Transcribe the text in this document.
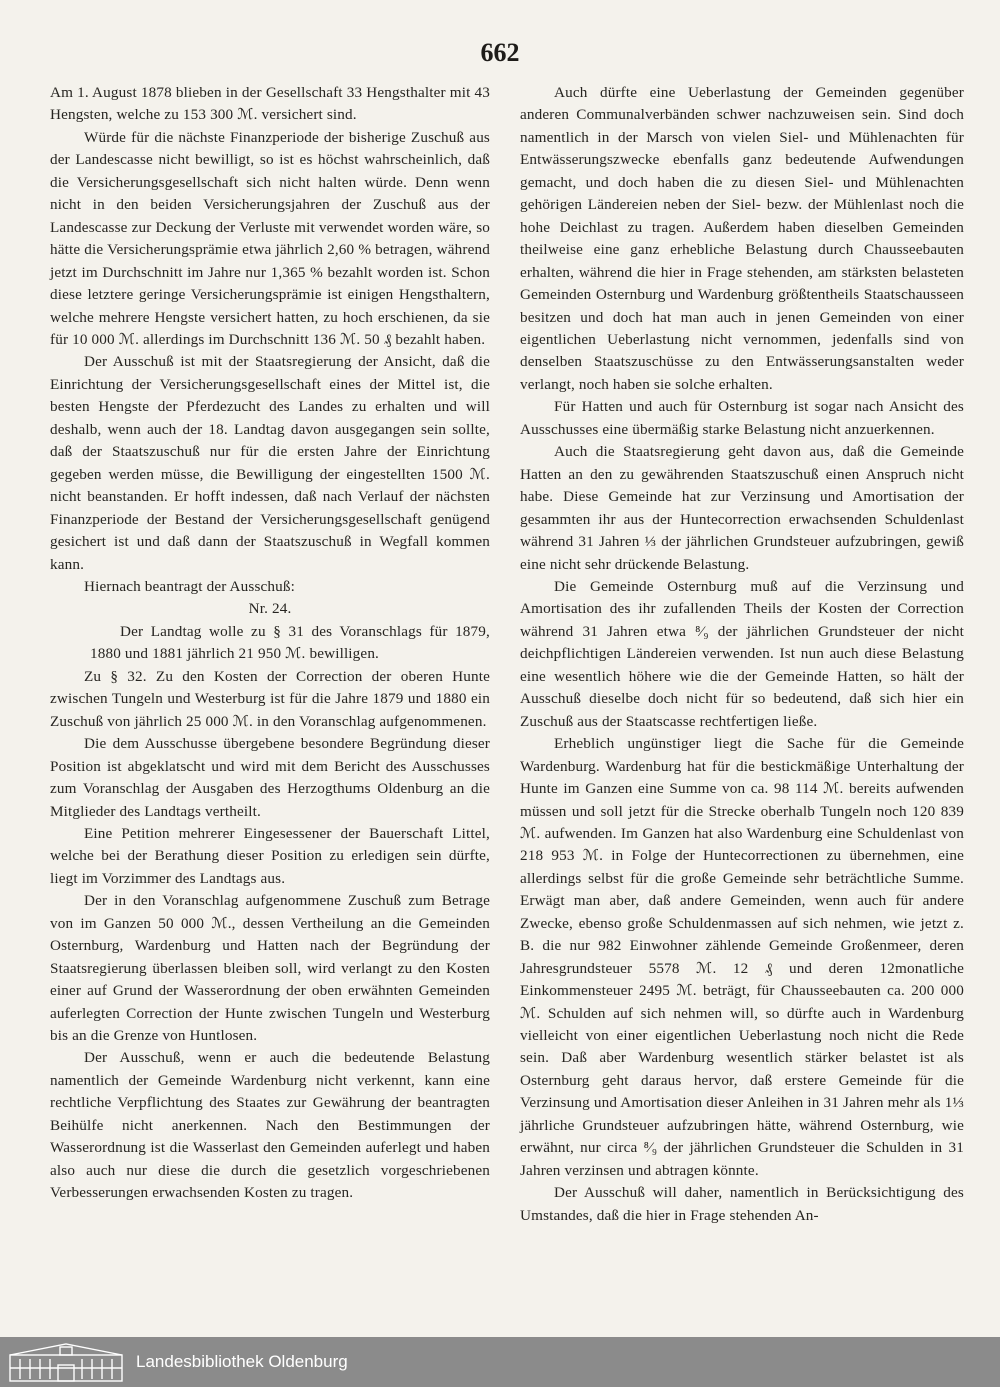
662

Am 1. August 1878 blieben in der Gesellschaft 33 Hengsthalter mit 43 Hengsten, welche zu 153 300 ℳ. versichert sind.

Würde für die nächste Finanzperiode der bisherige Zuschuß aus der Landescasse nicht bewilligt, so ist es höchst wahrscheinlich, daß die Versicherungsgesellschaft sich nicht halten würde. Denn wenn nicht in den beiden Versicherungsjahren der Zuschuß aus der Landescasse zur Deckung der Verluste mit verwendet worden wäre, so hätte die Versicherungsprämie etwa jährlich 2,60 % betragen, während jetzt im Durchschnitt im Jahre nur 1,365 % bezahlt worden ist. Schon diese letztere geringe Versicherungsprämie ist einigen Hengsthaltern, welche mehrere Hengste versichert hatten, zu hoch erschienen, da sie für 10 000 ℳ. allerdings im Durchschnitt 136 ℳ. 50 ₰ bezahlt haben.

Der Ausschuß ist mit der Staatsregierung der Ansicht, daß die Einrichtung der Versicherungsgesellschaft eines der Mittel ist, die besten Hengste der Pferdezucht des Landes zu erhalten und will deshalb, wenn auch der 18. Landtag davon ausgegangen sein sollte, daß der Staatszuschuß nur für die ersten Jahre der Einrichtung gegeben werden müsse, die Bewilligung der eingestellten 1500 ℳ. nicht beanstanden. Er hofft indessen, daß nach Verlauf der nächsten Finanzperiode der Bestand der Versicherungsgesellschaft genügend gesichert ist und daß dann der Staatszuschuß in Wegfall kommen kann.

Hiernach beantragt der Ausschuß:

Nr. 24.

Der Landtag wolle zu § 31 des Voranschlags für 1879, 1880 und 1881 jährlich 21 950 ℳ. bewilligen.

Zu § 32. Zu den Kosten der Correction der oberen Hunte zwischen Tungeln und Westerburg ist für die Jahre 1879 und 1880 ein Zuschuß von jährlich 25 000 ℳ. in den Voranschlag aufgenommenen.

Die dem Ausschusse übergebene besondere Begründung dieser Position ist abgeklatscht und wird mit dem Bericht des Ausschusses zum Voranschlag der Ausgaben des Herzogthums Oldenburg an die Mitglieder des Landtags vertheilt.

Eine Petition mehrerer Eingesessener der Bauerschaft Littel, welche bei der Berathung dieser Position zu erledigen sein dürfte, liegt im Vorzimmer des Landtags aus.

Der in den Voranschlag aufgenommene Zuschuß zum Betrage von im Ganzen 50 000 ℳ., dessen Vertheilung an die Gemeinden Osternburg, Wardenburg und Hatten nach der Begründung der Staatsregierung überlassen bleiben soll, wird verlangt zu den Kosten einer auf Grund der Wasserordnung der oben erwähnten Gemeinden auferlegten Correction der Hunte zwischen Tungeln und Westerburg bis an die Grenze von Huntlosen.

Der Ausschuß, wenn er auch die bedeutende Belastung namentlich der Gemeinde Wardenburg nicht verkennt, kann eine rechtliche Verpflichtung des Staates zur Gewährung der beantragten Beihülfe nicht anerkennen. Nach den Bestimmungen der Wasserordnung ist die Wasserlast den Gemeinden auferlegt und haben also auch nur diese die durch die gesetzlich vorgeschriebenen Verbesserungen erwachsenden Kosten zu tragen.

Auch dürfte eine Ueberlastung der Gemeinden gegenüber anderen Communalverbänden schwer nachzuweisen sein. Sind doch namentlich in der Marsch von vielen Siel- und Mühlenachten für Entwässerungszwecke ebenfalls ganz bedeutende Aufwendungen gemacht, und doch haben die zu diesen Siel- und Mühlenachten gehörigen Ländereien neben der Siel- bezw. der Mühlenlast noch die hohe Deichlast zu tragen. Außerdem haben dieselben Gemeinden theilweise eine ganz erhebliche Belastung durch Chausseebauten erhalten, während die hier in Frage stehenden, am stärksten belasteten Gemeinden Osternburg und Wardenburg größtentheils Staatschausseen besitzen und doch hat man auch in jenen Gemeinden von einer eigentlichen Ueberlastung nicht vernommen, jedenfalls sind von denselben Staatszuschüsse zu den Entwässerungsanstalten weder verlangt, noch haben sie solche erhalten.

Für Hatten und auch für Osternburg ist sogar nach Ansicht des Ausschusses eine übermäßig starke Belastung nicht anzuerkennen.

Auch die Staatsregierung geht davon aus, daß die Gemeinde Hatten an den zu gewährenden Staatszuschuß einen Anspruch nicht habe. Diese Gemeinde hat zur Verzinsung und Amortisation der gesammten ihr aus der Huntecorrection erwachsenden Schuldenlast während 31 Jahren ⅓ der jährlichen Grundsteuer aufzubringen, gewiß eine nicht sehr drückende Belastung.

Die Gemeinde Osternburg muß auf die Verzinsung und Amortisation des ihr zufallenden Theils der Kosten der Correction während 31 Jahren etwa ⁸⁄₉ der jährlichen Grundsteuer der nicht deichpflichtigen Ländereien verwenden. Ist nun auch diese Belastung eine wesentlich höhere wie die der Gemeinde Hatten, so hält der Ausschuß dieselbe doch nicht für so bedeutend, daß sich hier ein Zuschuß aus der Staatscasse rechtfertigen ließe.

Erheblich ungünstiger liegt die Sache für die Gemeinde Wardenburg. Wardenburg hat für die bestickmäßige Unterhaltung der Hunte im Ganzen eine Summe von ca. 98 114 ℳ. bereits aufwenden müssen und soll jetzt für die Strecke oberhalb Tungeln noch 120 839 ℳ. aufwenden. Im Ganzen hat also Wardenburg eine Schuldenlast von 218 953 ℳ. in Folge der Huntecorrectionen zu übernehmen, eine allerdings selbst für die große Gemeinde sehr beträchtliche Summe. Erwägt man aber, daß andere Gemeinden, wenn auch für andere Zwecke, ebenso große Schuldenmassen auf sich nehmen, wie jetzt z. B. die nur 982 Einwohner zählende Gemeinde Großenmeer, deren Jahresgrundsteuer 5578 ℳ. 12 ₰ und deren 12monatliche Einkommensteuer 2495 ℳ. beträgt, für Chausseebauten ca. 200 000 ℳ. Schulden auf sich nehmen will, so dürfte auch in Wardenburg vielleicht von einer eigentlichen Ueberlastung noch nicht die Rede sein. Daß aber Wardenburg wesentlich stärker belastet ist als Osternburg geht daraus hervor, daß erstere Gemeinde für die Verzinsung und Amortisation dieser Anleihen in 31 Jahren mehr als 1⅓ jährliche Grundsteuer aufzubringen hätte, während Osternburg, wie erwähnt, nur circa ⁸⁄₉ der jährlichen Grundsteuer die Schulden in 31 Jahren verzinsen und abtragen könnte.

Der Ausschuß will daher, namentlich in Berücksichtigung des Umstandes, daß die hier in Frage stehenden An-

Landesbibliothek Oldenburg
